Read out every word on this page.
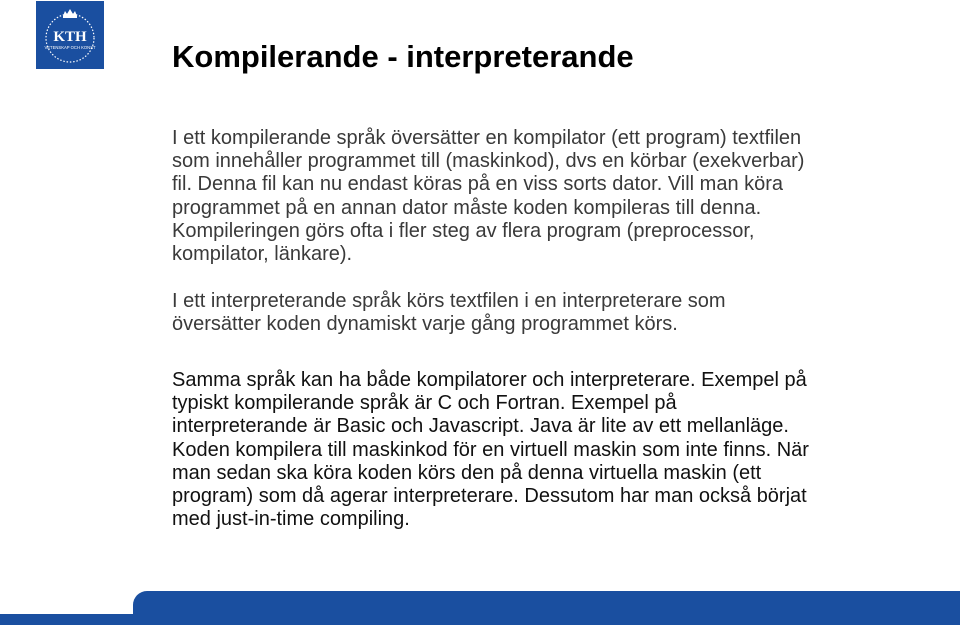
KTH
VETENSKAP OCH KONST Kompilerande - interpreterande
I ett kompilerande språk översätter en kompilator (ett program) textfilen
som innehåller programmet till (maskinkod), dvs en körbar (exekverbar)
fil. Denna fil kan nu endast köras på en viss sorts dator. Vill man köra
programmet på en annan dator måste koden kompileras till denna.
Kompileringen görs ofta i fler steg av flera program (preprocessor,
kompilator, länkare).
I ett interpreterande språk körs textfilen i en interpreterare som
översätter koden dynamiskt varje gång programmet körs.
Samma språk kan ha både kompilatorer och interpreterare. Exempel på
typiskt kompilerande språk är C och Fortran. Exempel på
interpreterande är Basic och Javascript. Java är lite av ett mellanläge.
Koden kompilera till maskinkod för en virtuell maskin som inte finns. När
man sedan ska köra koden körs den på denna virtuella maskin (ett
program) som då agerar interpreterare. Dessutom har man också börjat
med just-in-time compiling.
